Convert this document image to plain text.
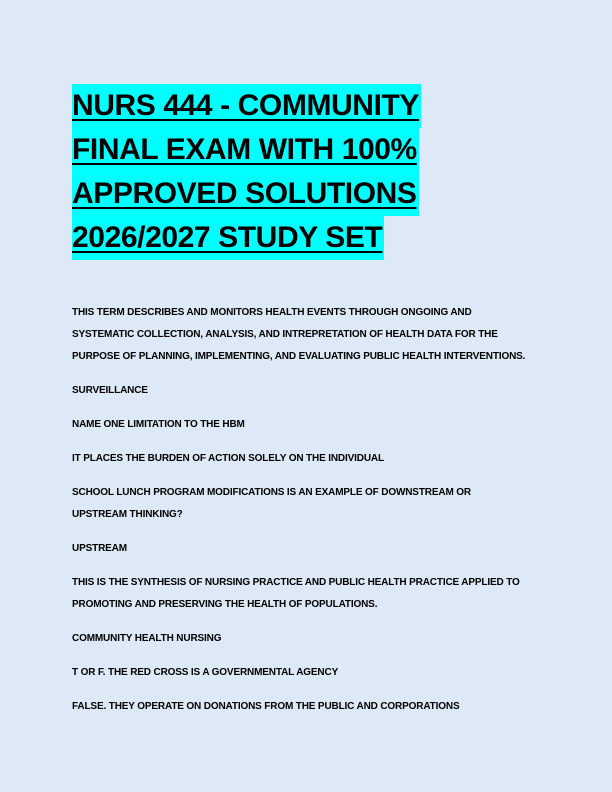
NURS 444 - COMMUNITY
FINAL EXAM WITH 100%
APPROVED SOLUTIONS
2026/2027 STUDY SET

THIS TERM DESCRIBES AND MONITORS HEALTH EVENTS THROUGH ONGOING AND
SYSTEMATIC COLLECTION, ANALYSIS, AND INTREPRETATION OF HEALTH DATA FOR THE
PURPOSE OF PLANNING, IMPLEMENTING, AND EVALUATING PUBLIC HEALTH INTERVENTIONS.

SURVEILLANCE

NAME ONE LIMITATION TO THE HBM

IT PLACES THE BURDEN OF ACTION SOLELY ON THE INDIVIDUAL

SCHOOL LUNCH PROGRAM MODIFICATIONS IS AN EXAMPLE OF DOWNSTREAM OR
UPSTREAM THINKING?

UPSTREAM

THIS IS THE SYNTHESIS OF NURSING PRACTICE AND PUBLIC HEALTH PRACTICE APPLIED TO
PROMOTING AND PRESERVING THE HEALTH OF POPULATIONS.

COMMUNITY HEALTH NURSING

T OR F. THE RED CROSS IS A GOVERNMENTAL AGENCY

FALSE. THEY OPERATE ON DONATIONS FROM THE PUBLIC AND CORPORATIONS
